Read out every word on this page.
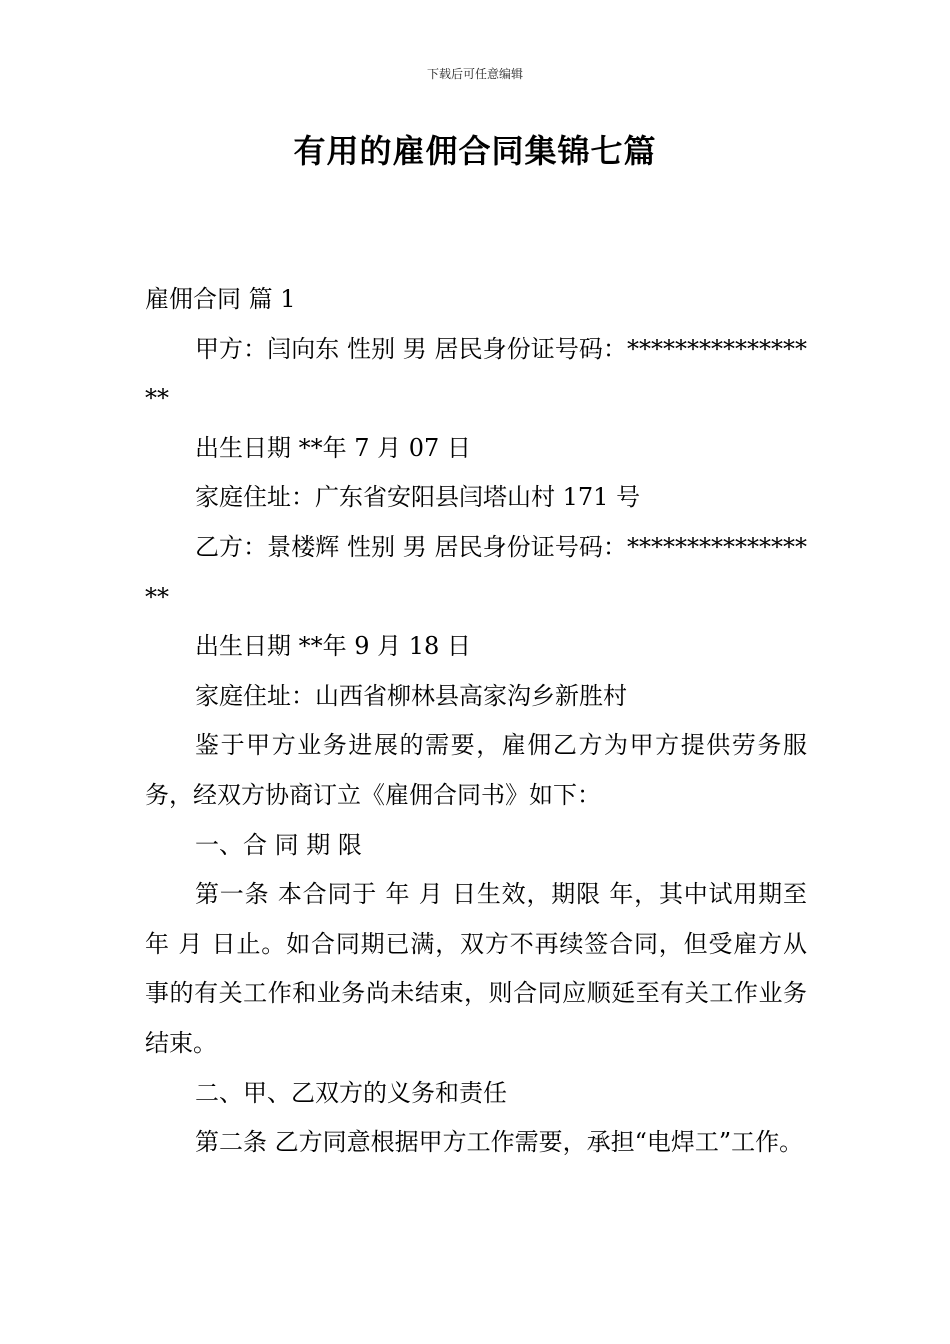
下载后可任意编辑
有用的雇佣合同集锦七篇

雇佣合同 篇 1

甲方：闫向东 性别 男 居民身份证号码：*****************

出生日期 **年 7 月 07 日

家庭住址：广东省安阳县闫塔山村 171 号

乙方：景楼辉 性别 男 居民身份证号码：*****************

出生日期 **年 9 月 18 日

家庭住址：山西省柳林县高家沟乡新胜村

鉴于甲方业务进展的需要，雇佣乙方为甲方提供劳务服务，经双方协商订立《雇佣合同书》如下：

一、合 同 期 限

第一条 本合同于 年 月 日生效，期限 年，其中试用期至 年 月 日止。如合同期已满，双方不再续签合同，但受雇方从事的有关工作和业务尚未结束，则合同应顺延至有关工作业务结束。

二、甲、乙双方的义务和责任

第二条 乙方同意根据甲方工作需要，承担“电焊工”工作。
